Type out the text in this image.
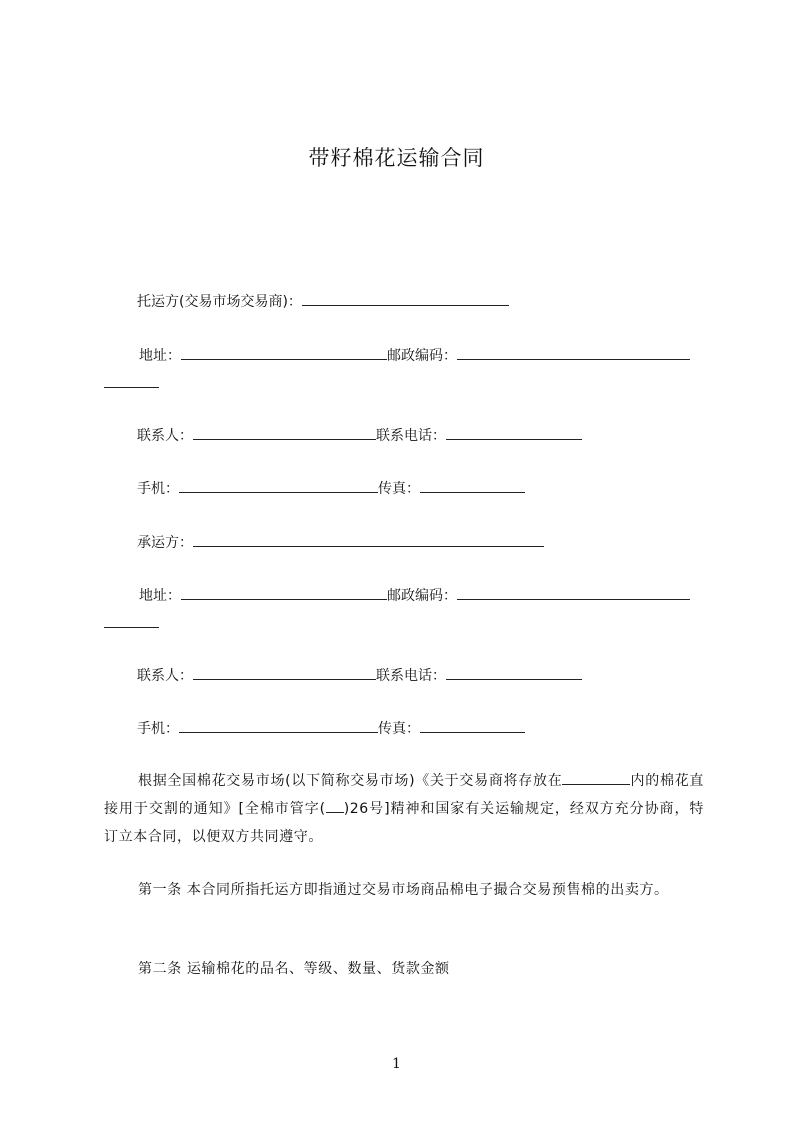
带籽棉花运输合同
托运方(交易市场交易商)：
地址：	邮政编码：
联系人：	联系电话：
手机：	传真：
承运方：
地址：	邮政编码：
联系人：	联系电话：
手机：	传真：
根据全国棉花交易市场(以下简称交易市场)《关于交易商将存放在	内的棉花直接用于交割的通知》[全棉市管字( )26号]精神和国家有关运输规定，经双方充分协商，特订立本合同，以便双方共同遵守。
第一条 本合同所指托运方即指通过交易市场商品棉电子撮合交易预售棉的出卖方。
第二条 运输棉花的品名、等级、数量、货款金额
1
